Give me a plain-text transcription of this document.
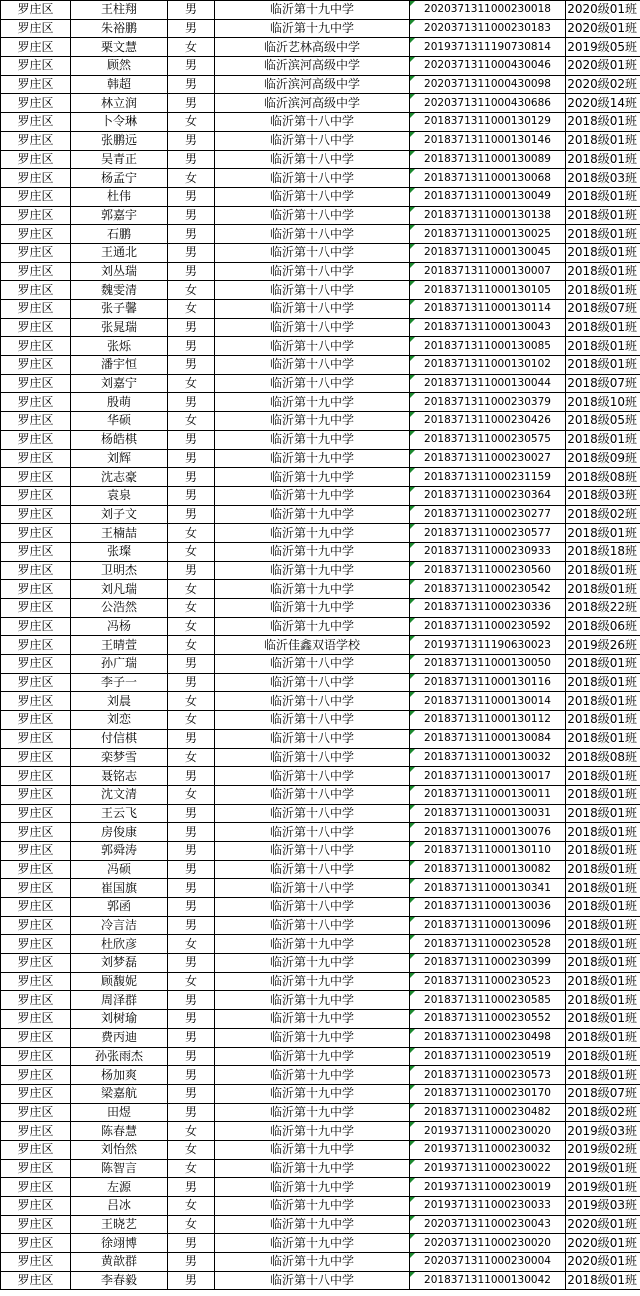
罗庄区	王柱翔	男	临沂第十九中学	2020371311000230018	2020级01班
罗庄区	朱裕鹏	男	临沂第十九中学	2020371311000230183	2020级01班
罗庄区	栗文慧	女	临沂艺林高级中学	2019371311190730814	2019级05班
罗庄区	顾然	男	临沂滨河高级中学	2020371311000430046	2020级01班
罗庄区	韩超	男	临沂滨河高级中学	2020371311000430098	2020级02班
罗庄区	林立润	男	临沂滨河高级中学	2020371311000430686	2020级14班
罗庄区	卜令琳	女	临沂第十八中学	2018371311000130129	2018级01班
罗庄区	张鹏远	男	临沂第十八中学	2018371311000130146	2018级01班
罗庄区	吴青正	男	临沂第十八中学	2018371311000130089	2018级01班
罗庄区	杨孟宁	女	临沂第十八中学	2018371311000130068	2018级03班
罗庄区	杜伟	男	临沂第十八中学	2018371311000130049	2018级01班
罗庄区	郭嘉宇	男	临沂第十八中学	2018371311000130138	2018级01班
罗庄区	石鹏	男	临沂第十八中学	2018371311000130025	2018级01班
罗庄区	王通北	男	临沂第十八中学	2018371311000130045	2018级01班
罗庄区	刘丛瑞	男	临沂第十八中学	2018371311000130007	2018级01班
罗庄区	魏雯清	女	临沂第十八中学	2018371311000130105	2018级01班
罗庄区	张子馨	女	临沂第十八中学	2018371311000130114	2018级07班
罗庄区	张晁瑞	男	临沂第十八中学	2018371311000130043	2018级01班
罗庄区	张烁	男	临沂第十八中学	2018371311000130085	2018级01班
罗庄区	潘宇恒	男	临沂第十八中学	2018371311000130102	2018级01班
罗庄区	刘嘉宁	女	临沂第十八中学	2018371311000130044	2018级07班
罗庄区	殷萌	男	临沂第十九中学	2018371311000230379	2018级10班
罗庄区	华硕	女	临沂第十九中学	2018371311000230426	2018级05班
罗庄区	杨皓棋	男	临沂第十九中学	2018371311000230575	2018级01班
罗庄区	刘辉	男	临沂第十九中学	2018371311000230027	2018级09班
罗庄区	沈志豪	男	临沂第十九中学	2018371311000231159	2018级08班
罗庄区	袁泉	男	临沂第十九中学	2018371311000230364	2018级03班
罗庄区	刘子文	男	临沂第十九中学	2018371311000230277	2018级02班
罗庄区	王楠喆	女	临沂第十九中学	2018371311000230577	2018级01班
罗庄区	张璨	女	临沂第十九中学	2018371311000230933	2018级18班
罗庄区	卫明杰	男	临沂第十九中学	2018371311000230560	2018级01班
罗庄区	刘凡瑞	女	临沂第十九中学	2018371311000230542	2018级01班
罗庄区	公浩然	女	临沂第十九中学	2018371311000230336	2018级22班
罗庄区	冯杨	女	临沂第十九中学	2018371311000230592	2018级06班
罗庄区	王晴萱	女	临沂佳鑫双语学校	2019371311190630023	2019级26班
罗庄区	孙广瑞	男	临沂第十八中学	2018371311000130050	2018级01班
罗庄区	李子一	男	临沂第十八中学	2018371311000130116	2018级01班
罗庄区	刘晨	女	临沂第十八中学	2018371311000130014	2018级01班
罗庄区	刘恋	女	临沂第十八中学	2018371311000130112	2018级01班
罗庄区	付信棋	男	临沂第十八中学	2018371311000130084	2018级01班
罗庄区	栾梦雪	女	临沂第十八中学	2018371311000130032	2018级08班
罗庄区	聂铭志	男	临沂第十八中学	2018371311000130017	2018级01班
罗庄区	沈文清	女	临沂第十八中学	2018371311000130011	2018级01班
罗庄区	王云飞	男	临沂第十八中学	2018371311000130031	2018级01班
罗庄区	房俊康	男	临沂第十八中学	2018371311000130076	2018级01班
罗庄区	郭舜涛	男	临沂第十八中学	2018371311000130110	2018级01班
罗庄区	冯硕	男	临沂第十八中学	2018371311000130082	2018级01班
罗庄区	崔国旗	男	临沂第十八中学	2018371311000130341	2018级01班
罗庄区	郭函	男	临沂第十八中学	2018371311000130036	2018级01班
罗庄区	冷言洁	男	临沂第十八中学	2018371311000130096	2018级01班
罗庄区	杜欣彦	女	临沂第十九中学	2018371311000230528	2018级01班
罗庄区	刘梦磊	男	临沂第十九中学	2018371311000230399	2018级01班
罗庄区	顾馥妮	女	临沂第十九中学	2018371311000230523	2018级01班
罗庄区	周泽群	男	临沂第十九中学	2018371311000230585	2018级01班
罗庄区	刘树瑜	男	临沂第十九中学	2018371311000230552	2018级01班
罗庄区	费丙迪	男	临沂第十九中学	2018371311000230498	2018级01班
罗庄区	孙张雨杰	男	临沂第十九中学	2018371311000230519	2018级01班
罗庄区	杨加爽	男	临沂第十九中学	2018371311000230573	2018级01班
罗庄区	梁嘉航	男	临沂第十九中学	2018371311000230170	2018级07班
罗庄区	田煜	男	临沂第十九中学	2018371311000230482	2018级02班
罗庄区	陈春慧	女	临沂第十九中学	2019371311000230020	2019级03班
罗庄区	刘怡然	女	临沂第十九中学	2019371311000230032	2019级02班
罗庄区	陈智言	女	临沂第十九中学	2019371311000230022	2019级01班
罗庄区	左源	男	临沂第十九中学	2019371311000230019	2019级01班
罗庄区	吕冰	女	临沂第十九中学	2019371311000230033	2019级03班
罗庄区	王晓艺	女	临沂第十九中学	2020371311000230043	2020级01班
罗庄区	徐翊博	男	临沂第十九中学	2020371311000230020	2020级01班
罗庄区	黄歆群	男	临沂第十九中学	2020371311000230004	2020级01班
罗庄区	李春毅	男	临沂第十八中学	2018371311000130042	2018级01班
